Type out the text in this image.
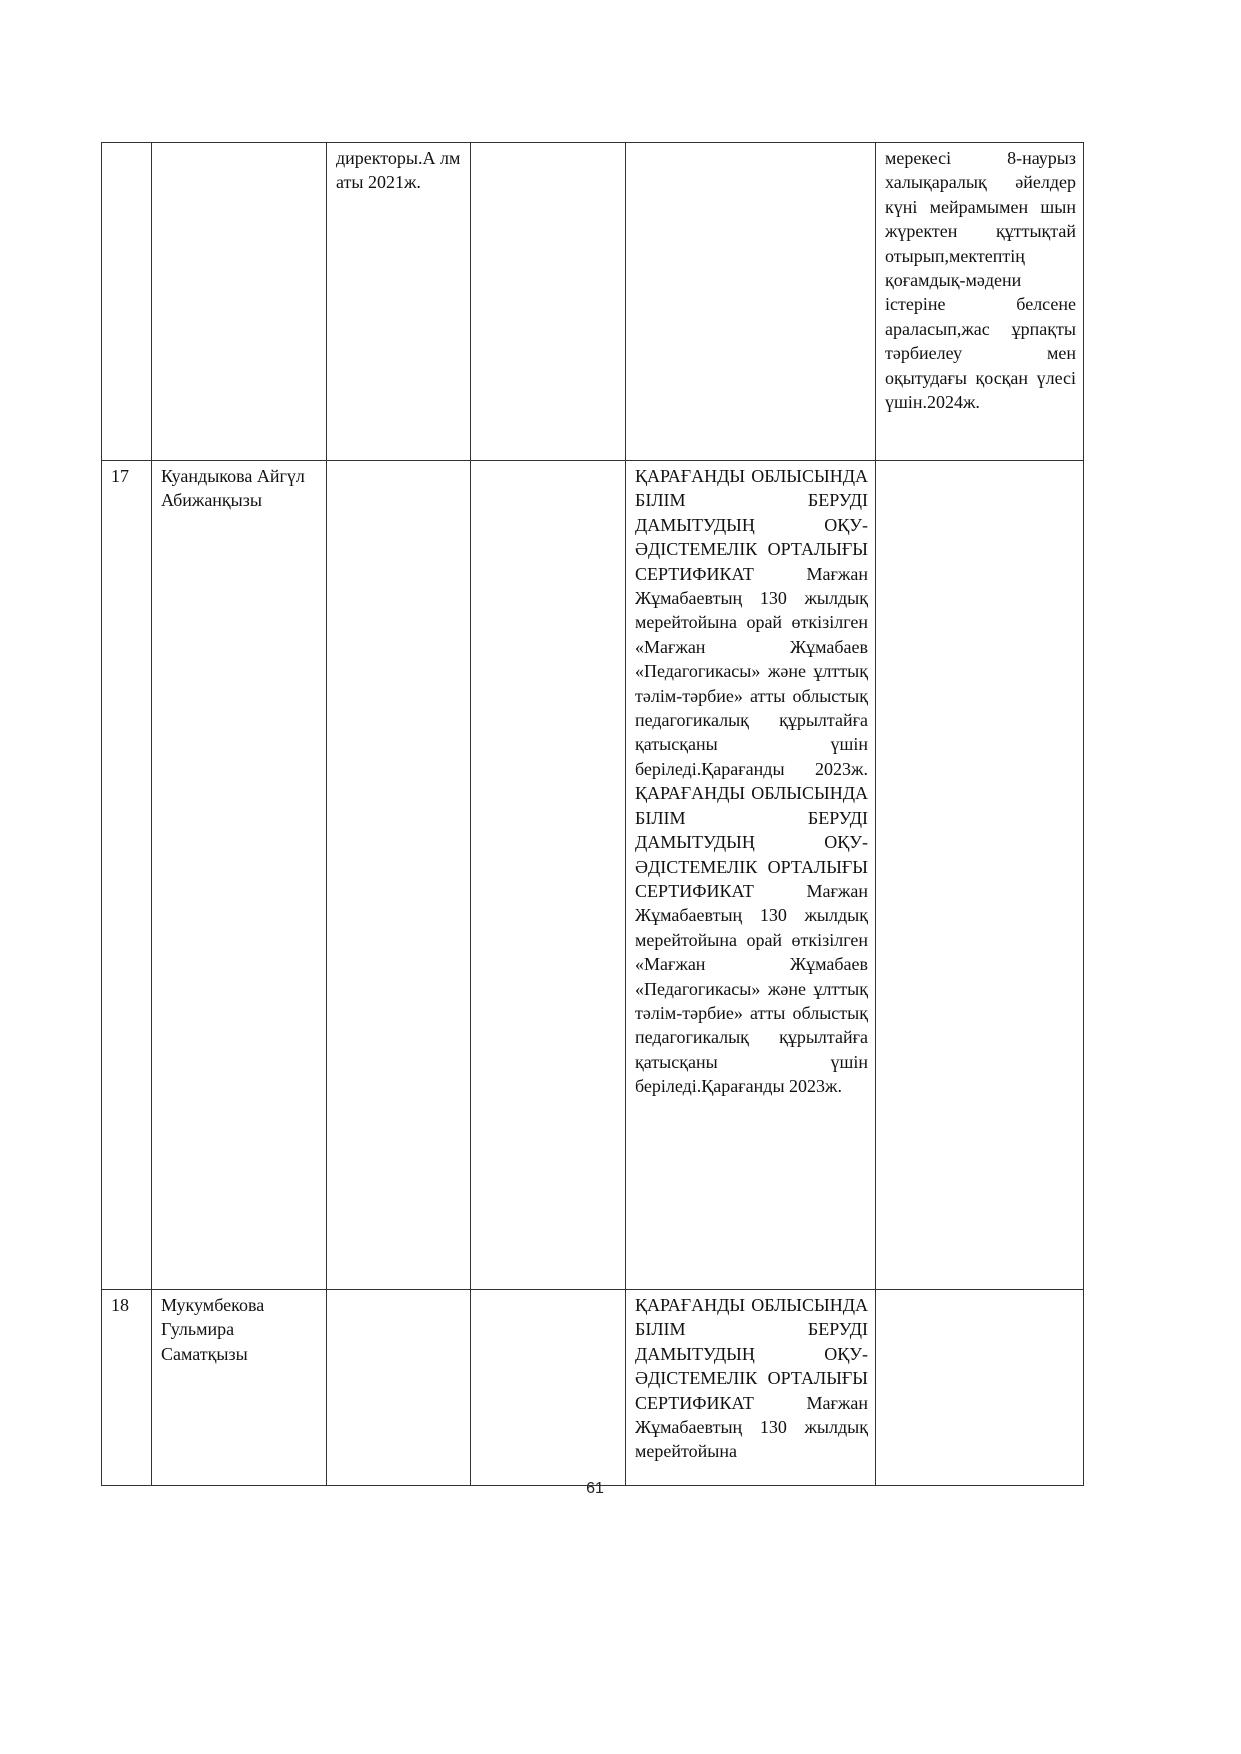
		директоры.А лматы 2021ж.			мерекесі 8-наурыз халықаралық әйелдер күні мейрамымен шын жүректен құттықтай отырып,мектептің қоғамдық-мәдени істеріне белсене араласып,жас ұрпақты тәрбиелеу мен оқытудағы қосқан үлесі үшін.2024ж.
17	Куандыкова Айгүл Абижанқызы			ҚАРАҒАНДЫ ОБЛЫСЫНДА БІЛІМ БЕРУДІ ДАМЫТУДЫҢ ОҚУ-ӘДІСТЕМЕЛІК ОРТАЛЫҒЫ СЕРТИФИКАТ Мағжан Жұмабаевтың 130 жылдық мерейтойына орай өткізілген «Мағжан Жұмабаев «Педагогикасы» және ұлттық тәлім-тәрбие» атты облыстық педагогикалық құрылтайға қатысқаны үшін беріледі.Қарағанды 2023ж. ҚАРАҒАНДЫ ОБЛЫСЫНДА БІЛІМ БЕРУДІ ДАМЫТУДЫҢ ОҚУ-ӘДІСТЕМЕЛІК ОРТАЛЫҒЫ СЕРТИФИКАТ Мағжан Жұмабаевтың 130 жылдық мерейтойына орай өткізілген «Мағжан Жұмабаев «Педагогикасы» және ұлттық тәлім-тәрбие» атты облыстық педагогикалық құрылтайға қатысқаны үшін беріледі.Қарағанды 2023ж.	
18	Мукумбекова Гульмира Саматқызы			ҚАРАҒАНДЫ ОБЛЫСЫНДА БІЛІМ БЕРУДІ ДАМЫТУДЫҢ ОҚУ-ӘДІСТЕМЕЛІК ОРТАЛЫҒЫ СЕРТИФИКАТ Мағжан Жұмабаевтың 130 жылдық мерейтойына	
61
